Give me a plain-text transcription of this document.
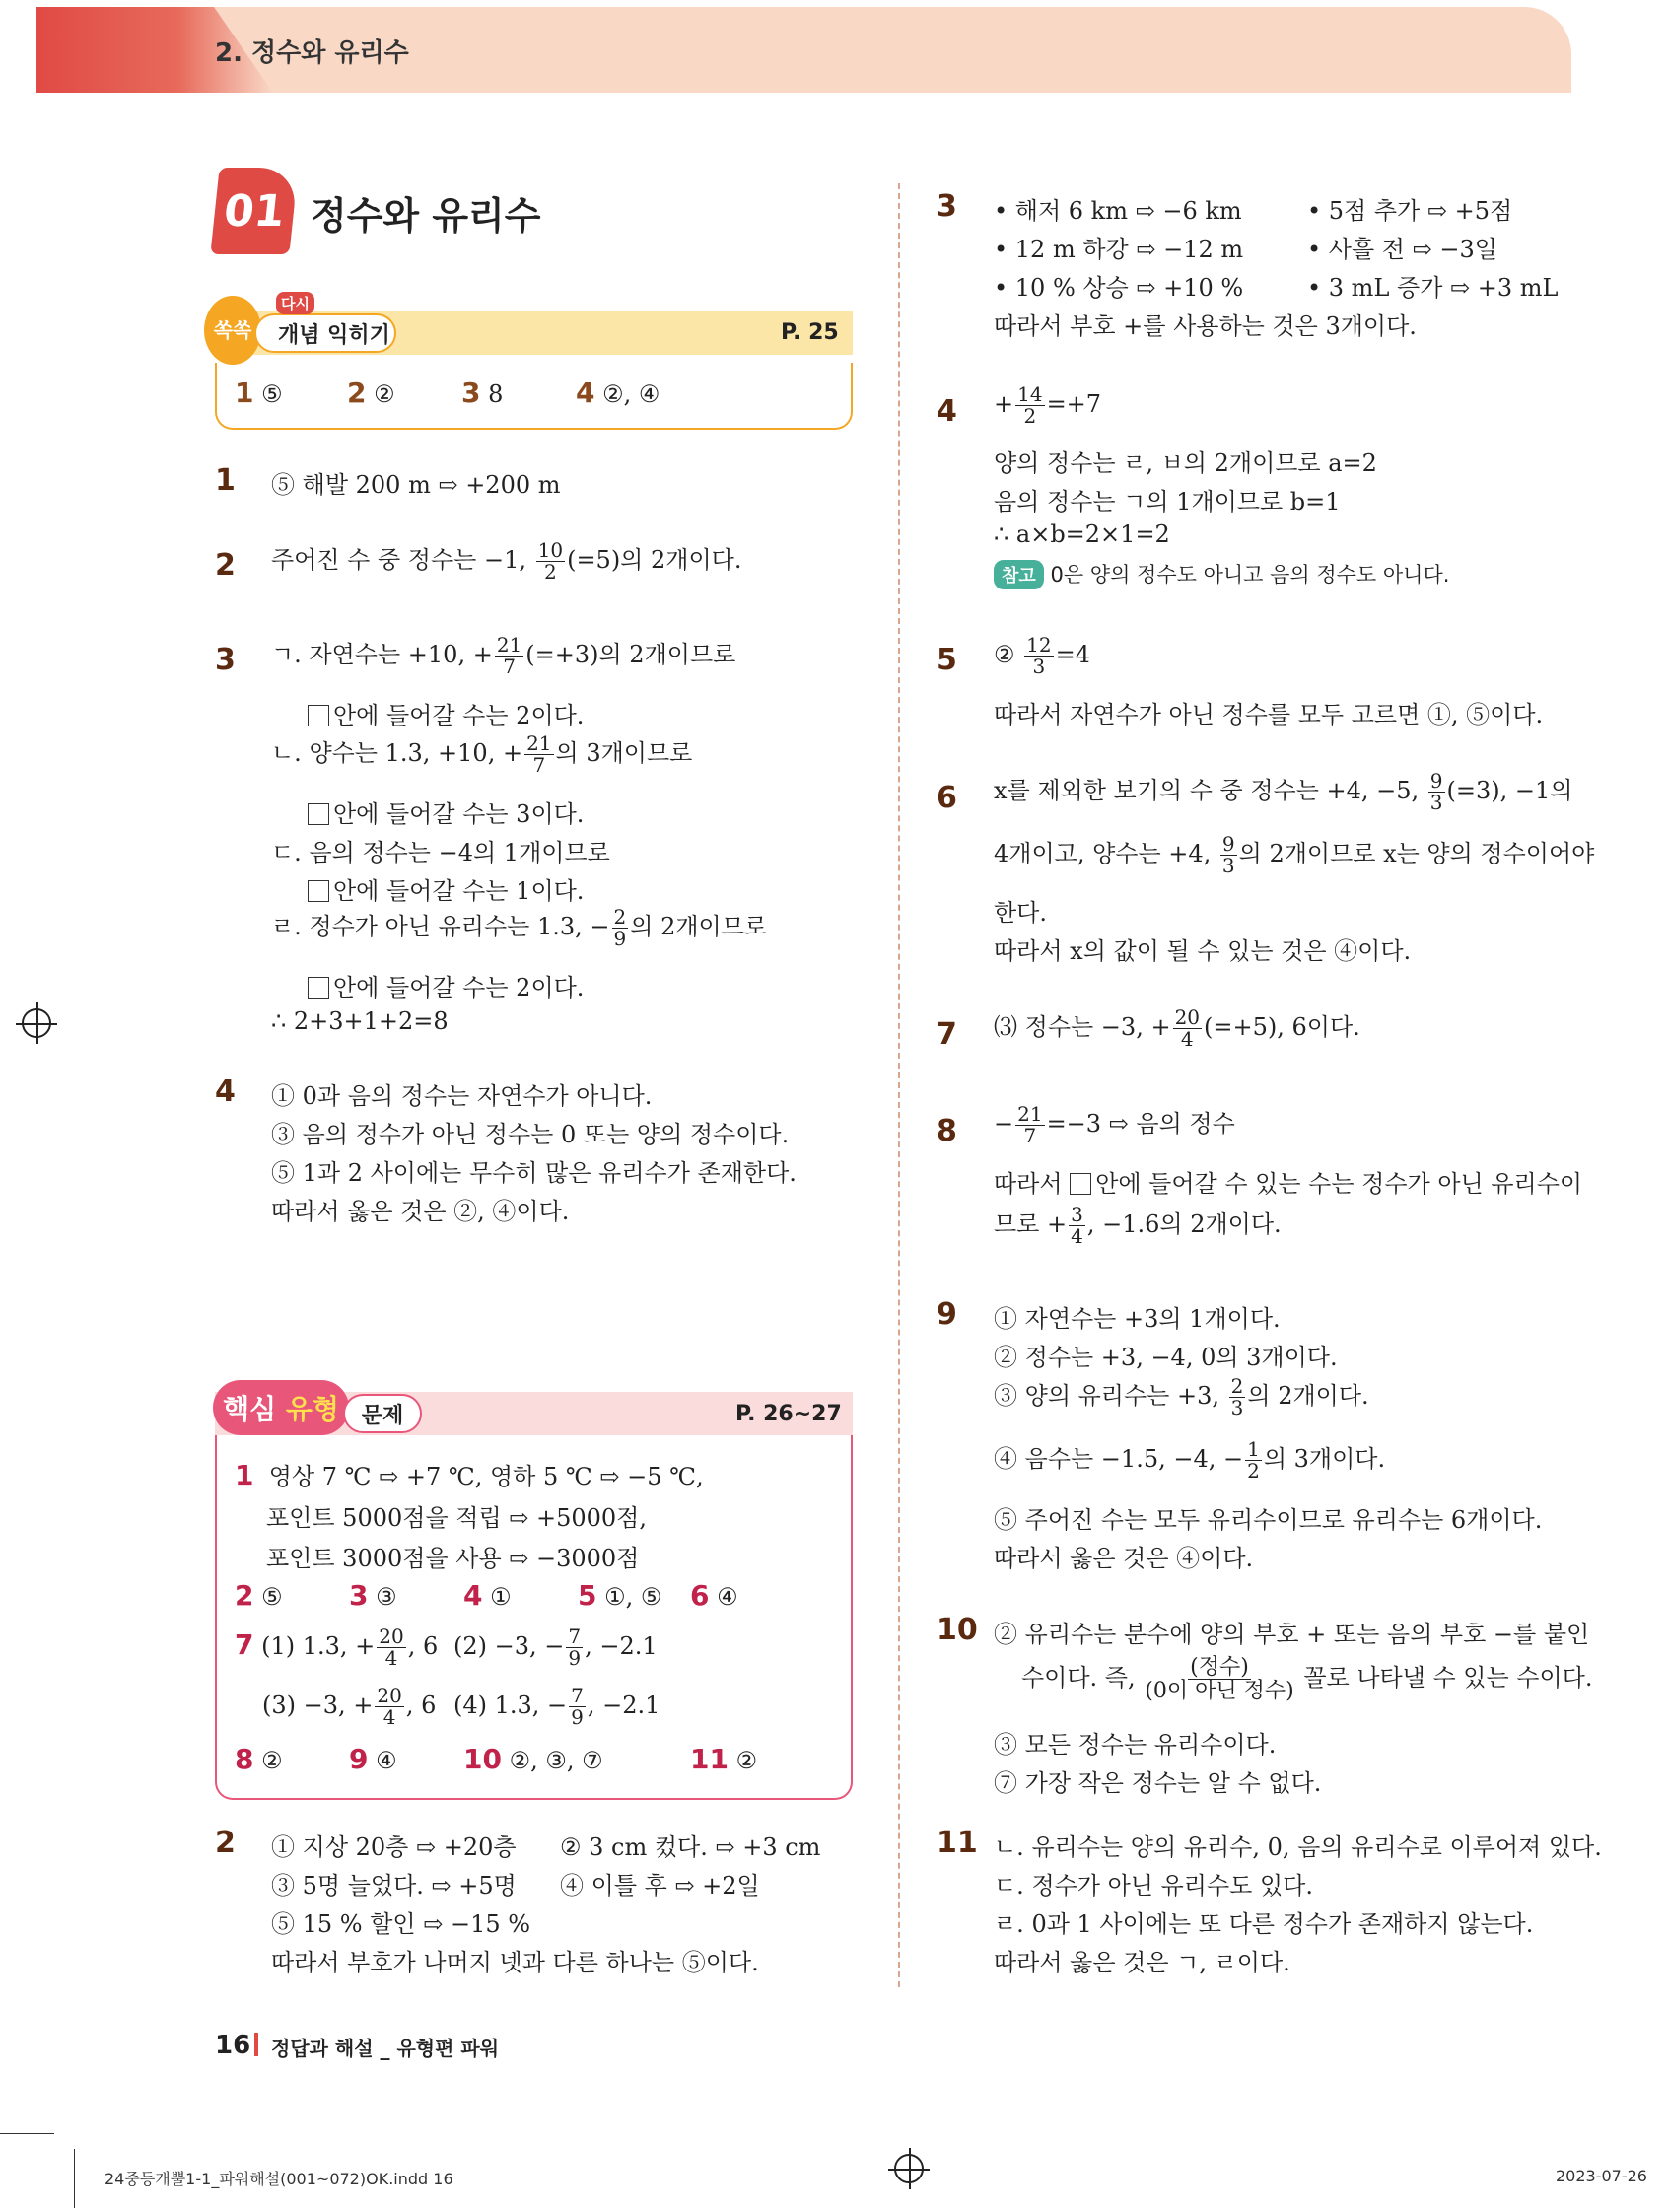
2. 정수와 유리수
01 정수와 유리수
쏙쏙	개념 익히기
다시
P. 25
1 ⑤ 2 ② 3 8	4 ②, ④
1 ⑤ 해발 200 m ⇨ +200 m
2 주어진 수 중 정수는 −1, $\frac{10}{2} (=5)$의 2개이다.
3 ㄱ. 자연수는 +10, + $\frac{21}{7} (=+3)$의 2개이므로
안에 들어갈 수는 2이다.
ㄴ. 양수는 1.3, +10, + $\frac{21}{7}$ 의 3개이므로
안에 들어갈 수는 3이다.
ㄷ. 음의 정수는 −4의 1개이므로
안에 들어갈 수는 1이다.
ㄹ. 정수가 아닌 유리수는 1.3, − $\frac{2}{9}$ 의 2개이므로
안에 들어갈 수는 2이다.
∴ 2+3+1+2=8
4 ① 0과 음의 정수는 자연수가 아니다.
③ 음의 정수가 아닌 정수는 0 또는 양의 정수이다.
⑤ 1과 2 사이에는 무수히 많은 유리수가 존재한다.
따라서 옳은 것은 ②, ④이다.
핵심
유형	문제	P. 26~27
1 영상 7 ℃ ⇨ +7 ℃, 영하 5 ℃ ⇨ −5 ℃,
포인트 5000점을 적립 ⇨ +5000점,
포인트 3000점을 사용 ⇨ −3000점
2 ⑤ 3 ③ 4 ① 5 ①, ⑤ 6 ④
7 (1) 1.3, + $\frac{20}{4}$ , 6 (2) −3, − $\frac{7}{9}$ , −2.1
(3) −3, + $\frac{20}{4}$ , 6 (4) 1.3, − $\frac{7}{9}$ , −2.1
8 ② 9 ④ 10 ②, ③, ⑦	11 ②
2 ① 지상 20층 ⇨ +20층 ② 3 cm 컸다. ⇨ +3 cm
③ 5명 늘었다. ⇨ +5명 ④ 이틀 후 ⇨ +2일
⑤ 15 % 할인 ⇨ −15 %
따라서 부호가 나머지 넷과 다른 하나는 ⑤이다.
3 • 해저 6 km ⇨ −6 km	• 5점 추가 ⇨ +5점
• 12 m 하강 ⇨ −12 m	• 사흘 전 ⇨ −3일
• 10 % 상승 ⇨ +10 %	• 3 mL 증가 ⇨ +3 mL
따라서 부호 +를 사용하는 것은 3개이다.
$4 + \frac{14}{2} =+7$
양의 정수는 ㄹ, ㅂ의 2개이므로 a=2
음의 정수는 ㄱ의 1개이므로 b=1
∴ a×b=2×1=2
참고 0은 양의 정수도 아니고 음의 정수도 아니다.
5 ② $\frac{12}{3} =4$
따라서 자연수가 아닌 정수를 모두 고르면 ①, ⑤이다.
6 x를 제외한 보기의 수 중 정수는 +4, −5, $\frac{9}{3} (=3)$, −1의
4개이고, 양수는 +4, $\frac{9}{3}$ 의 2개이므로 x는 양의 정수이어야
한다.
따라서 x의 값이 될 수 있는 것은 ④이다.
7 ⑶ 정수는 −3, + $\frac{20}{4} (=+5)$, 6이다.
$8 - \frac{21}{7} =-3$ ⇨ 음의 정수
따라서 안에 들어갈 수 있는 수는 정수가 아닌 유리수이
므로 + $\frac{3}{4}$ , −1.6의 2개이다.
9 ① 자연수는 +3의 1개이다.
② 정수는 +3, −4, 0의 3개이다.
③ 양의 유리수는 +3, $\frac{2}{3}$ 의 2개이다.
④ 음수는 −1.5, −4, − $\frac{1}{2}$ 의 3개이다.
⑤ 주어진 수는 모두 유리수이므로 유리수는 6개이다.
따라서 옳은 것은 ④이다.
10 ② 유리수는 분수에 양의 부호 + 또는 음의 부호 −를 붙인
수이다. 즉, $\frac{\text{(정수)}}{\text{(0이 아닌 정수)}}$ 꼴로 나타낼 수 있는 수이다.
③ 모든 정수는 유리수이다.
⑦ 가장 작은 정수는 알 수 없다.
11 ㄴ. 유리수는 양의 유리수, 0, 음의 유리수로 이루어져 있다.
ㄷ. 정수가 아닌 유리수도 있다.
ㄹ. 0과 1 사이에는 또 다른 정수가 존재하지 않는다.
따라서 옳은 것은 ㄱ, ㄹ이다.
16 정답과 해설 _ 유형편 파워
24중등개뿔1-1_파워해설(001~072)OK.indd 16	2023-07-26
